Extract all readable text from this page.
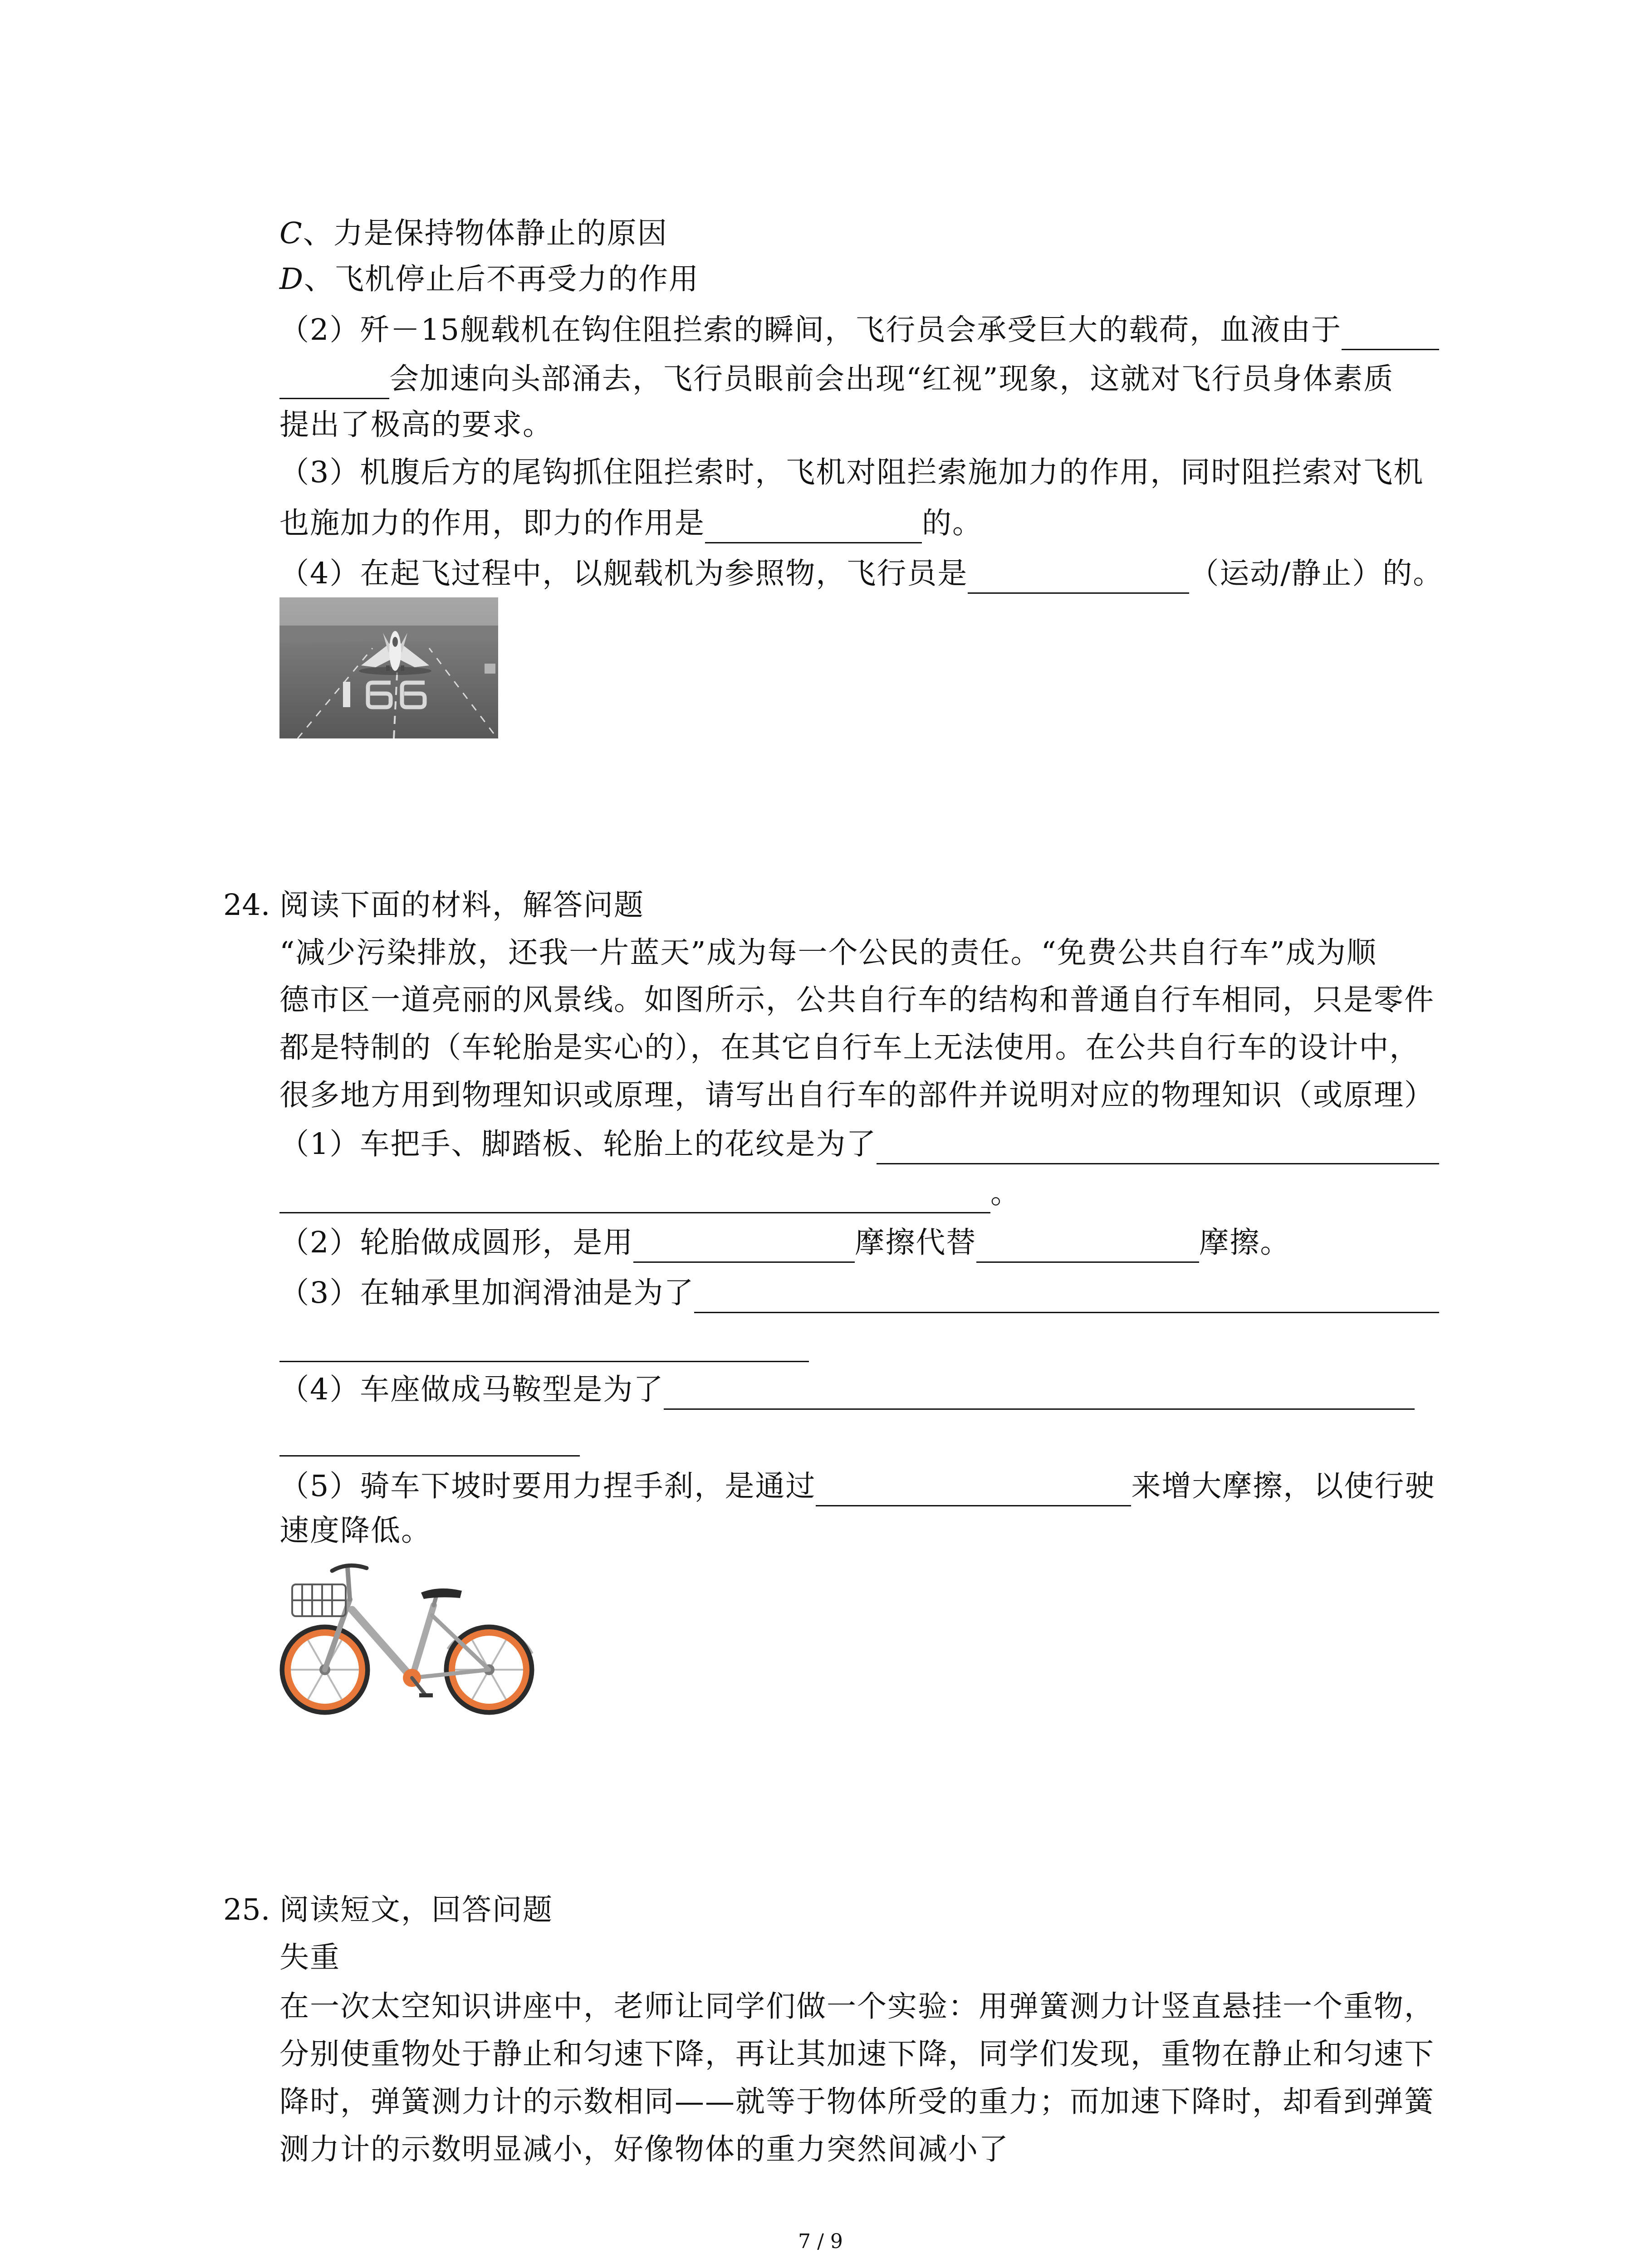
C、力是保持物体静止的原因
D、飞机停止后不再受力的作用
（2）歼－15舰载机在钩住阻拦索的瞬间，飞行员会承受巨大的载荷，血液由于
会加速向头部涌去，飞行员眼前会出现“红视”现象，这就对飞行员身体素质
提出了极高的要求。
（3）机腹后方的尾钩抓住阻拦索时，飞机对阻拦索施加力的作用，同时阻拦索对飞机
也施加力的作用，即力的作用是	的。
（4）在起飞过程中，以舰载机为参照物，飞行员是	（运动/静止）的。
24. 阅读下面的材料，解答问题
“减少污染排放，还我一片蓝天”成为每一个公民的责任。“免费公共自行车”成为顺
德市区一道亮丽的风景线。如图所示，公共自行车的结构和普通自行车相同，只是零件
都是特制的（车轮胎是实心的），在其它自行车上无法使用。在公共自行车的设计中，
很多地方用到物理知识或原理，请写出自行车的部件并说明对应的物理知识（或原理）
（1）车把手、脚踏板、轮胎上的花纹是为了
。
（2）轮胎做成圆形，是用	摩擦代替	摩擦。
（3）在轴承里加润滑油是为了
（4）车座做成马鞍型是为了
（5）骑车下坡时要用力捏手刹，是通过	来增大摩擦，以使行驶
速度降低。
25. 阅读短文，回答问题
失重
在一次太空知识讲座中，老师让同学们做一个实验：用弹簧测力计竖直悬挂一个重物，
分别使重物处于静止和匀速下降，再让其加速下降，同学们发现，重物在静止和匀速下
降时，弹簧测力计的示数相同——就等于物体所受的重力；而加速下降时，却看到弹簧
测力计的示数明显减小，好像物体的重力突然间减小了
7 / 9
